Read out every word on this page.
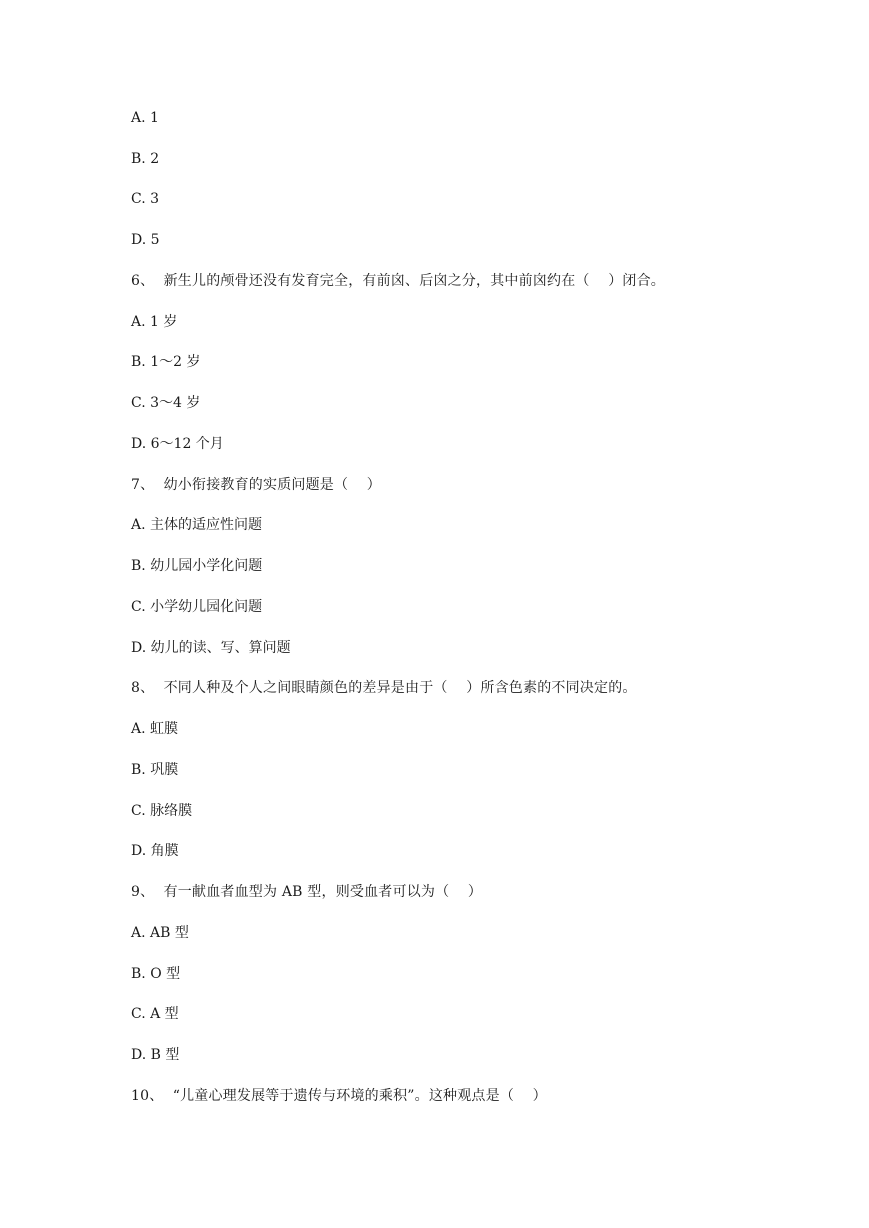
A. 1
B. 2
C. 3
D. 5
6、  新生儿的颅骨还没有发育完全，有前囟、后囟之分，其中前囟约在（    ）闭合。
A. 1 岁
B. 1～2 岁
C. 3～4 岁
D. 6～12 个月
7、  幼小衔接教育的实质问题是（    ）
A. 主体的适应性问题
B. 幼儿园小学化问题
C. 小学幼儿园化问题
D. 幼儿的读、写、算问题
8、  不同人种及个人之间眼睛颜色的差异是由于（    ）所含色素的不同决定的。
A. 虹膜
B. 巩膜
C. 脉络膜
D. 角膜
9、  有一献血者血型为 AB 型，则受血者可以为（    ）
A. AB 型
B. O 型
C. A 型
D. B 型
10、  “儿童心理发展等于遗传与环境的乘积”。这种观点是（    ）
